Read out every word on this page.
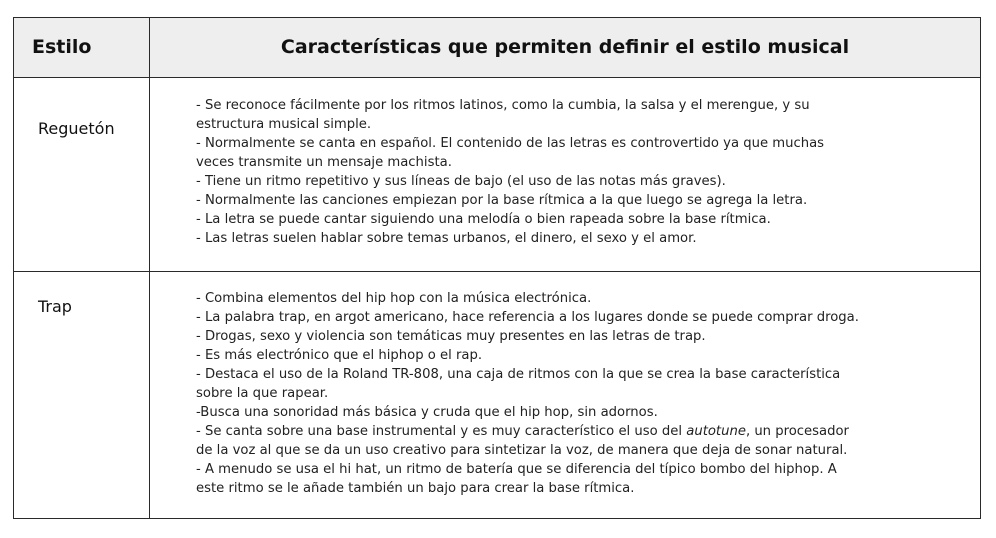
Estilo	Características que permiten definir el estilo musical
Reguetón
- Se reconoce fácilmente por los ritmos latinos, como la cumbia, la salsa y el merengue, y su
estructura musical simple.
- Normalmente se canta en español. El contenido de las letras es controvertido ya que muchas
veces transmite un mensaje machista.
- Tiene un ritmo repetitivo y sus líneas de bajo (el uso de las notas más graves).
- Normalmente las canciones empiezan por la base rítmica a la que luego se agrega la letra.
- La letra se puede cantar siguiendo una melodía o bien rapeada sobre la base rítmica.
- Las letras suelen hablar sobre temas urbanos, el dinero, el sexo y el amor.
Trap	- Combina elementos del hip hop con la música electrónica.
- La palabra trap, en argot americano, hace referencia a los lugares donde se puede comprar droga.
- Drogas, sexo y violencia son temáticas muy presentes en las letras de trap.
- Es más electrónico que el hiphop o el rap.
- Destaca el uso de la Roland TR-808, una caja de ritmos con la que se crea la base característica
sobre la que rapear.
-Busca una sonoridad más básica y cruda que el hip hop, sin adornos.
- Se canta sobre una base instrumental y es muy característico el uso del autotune, un procesador
de la voz al que se da un uso creativo para sintetizar la voz, de manera que deja de sonar natural.
- A menudo se usa el hi hat, un ritmo de batería que se diferencia del típico bombo del hiphop. A
este ritmo se le añade también un bajo para crear la base rítmica.
